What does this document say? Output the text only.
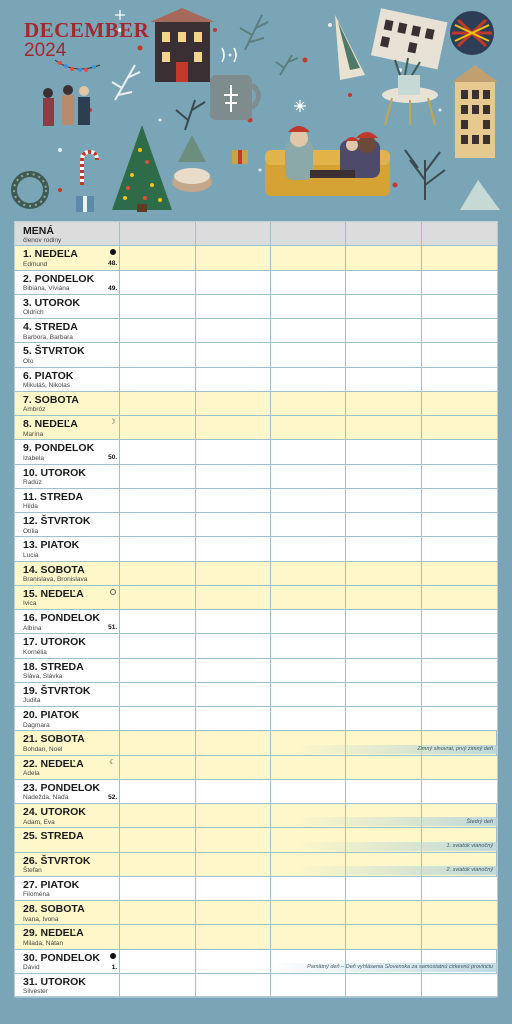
DECEMBER
2024
MENÁ
členov rodiny
1. NEDEĽA
Edmund	48.
2. PONDELOK
Bibiána, Viviána	49.
3. UTOROK
Oldrich
4. STREDA
Barbora, Barbara
5. ŠTVRTOK
Oto
6. PIATOK
Mikuláš, Nikolas
7. SOBOTA
Ambróz
8. NEDEĽA
Marína
☽
9. PONDELOK
Izabela	50.
10. UTOROK
Radúz
11. STREDA
Hilda
12. ŠTVRTOK
Otília
13. PIATOK
Lucia
14. SOBOTA
Branislava, Bronislava
15. NEDEĽA
Ivica
16. PONDELOK
Albína	51.
17. UTOROK
Kornélia
18. STREDA
Sláva, Slávka
19. ŠTVRTOK
Judita
20. PIATOK
Dagmara
21. SOBOTA
Bohdan, Noel	Zimný slnovrat, prvý zimný deň
22. NEDEĽA
Adela
☾
23. PONDELOK
Nadežda, Naďa	52.
24. UTOROK
Adam, Eva	Štedrý deň
25. STREDA
1. sviatok vianočný
26. ŠTVRTOK
Štefan	2. sviatok vianočný
27. PIATOK
Filoména
28. SOBOTA
Ivana, Ivona
29. NEDEĽA
Milada, Nátan
30. PONDELOK
Dávid	1.	Pamätný deň – Deň vyhlásenia Slovenska za samostatnú cirkevnú provinciu
31. UTOROK
Silvester
